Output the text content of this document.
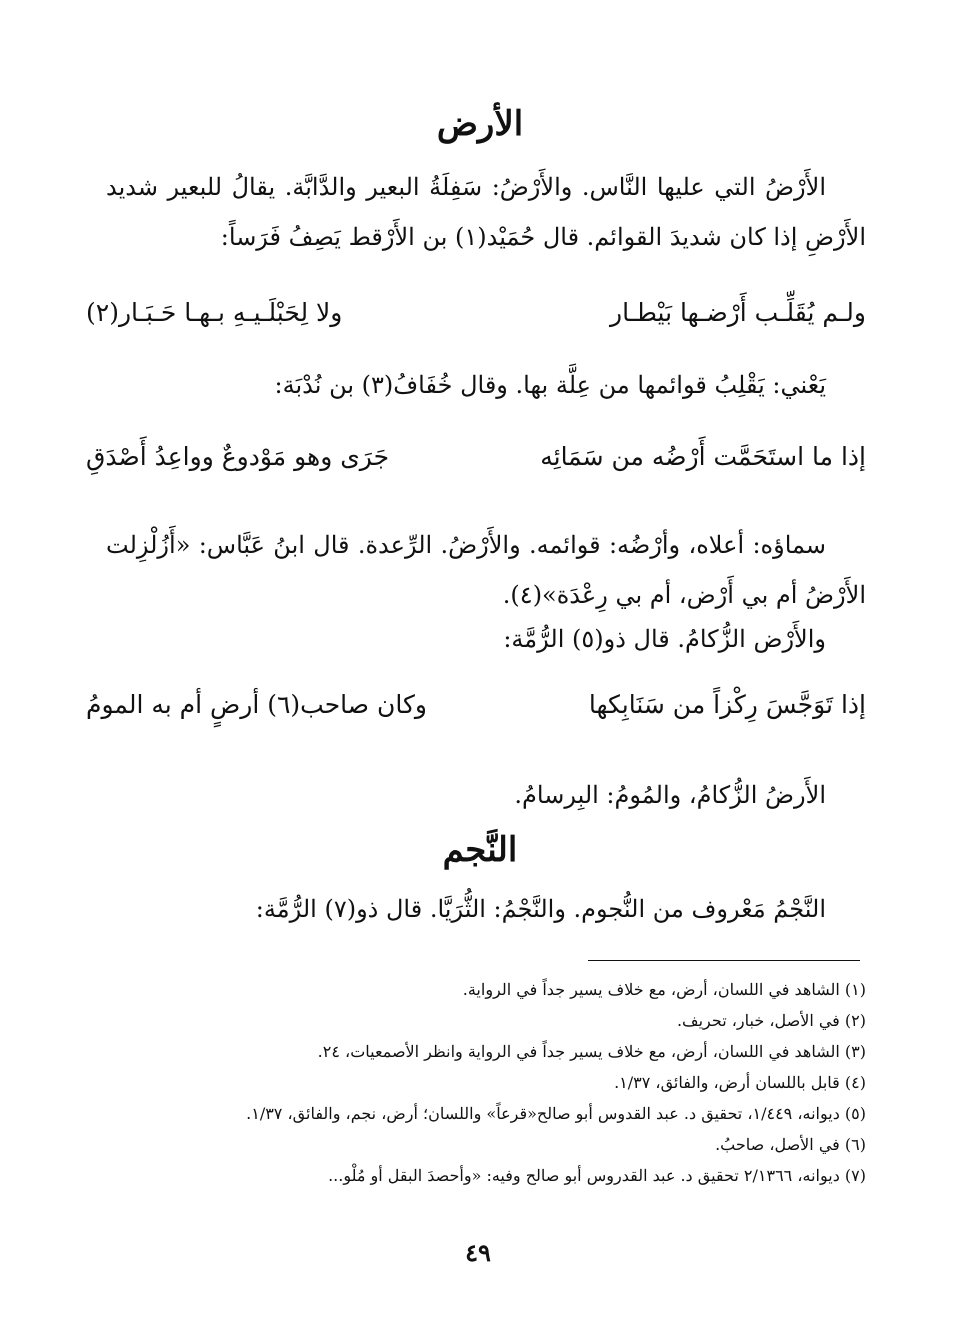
الأرض
الأَرْضُ التي عليها النَّاس. والأَرْضُ: سَفِلَةُ البعير والدَّابَّة. يقالُ للبعير شديد الأَرْضِ إذا كان شديدَ القوائم. قال حُمَيْد(١) بن الأَرْقط يَصِفُ فَرَساً:
ولـم يُقَلِّـب أَرْضـها بَيْطـار
ولا لِحَبْلَـيـهِ بـهـا حَـبَـار(٢)
يَعْني: يَقْلِبُ قوائمها من عِلَّة بها. وقال خُفَافُ(٣) بن نُدْبَة:
إذا ما استَحَمَّت أَرْضُه من سَمَائِه
جَرَى وهو مَوْدوعٌ وواعِدُ أَصْدَقِ
سماؤه: أعلاه، وأرْضُه: قوائمه. والأَرْضُ. الرِّعدة. قال ابنُ عَبَّاس: «أَزُلْزِلت الأَرْضُ أم بي أَرْض، أم بي رِعْدَة»(٤).
والأَرْض الزُّكامُ. قال ذو(٥) الرُّمَّة:
إذا تَوَجَّسَ رِكْزاً من سَنَابِكها
وكان صاحب(٦) أرضٍ أم به المومُ
الأَرضُ الزُّكامُ، والمُومُ: البِرسامُ.
النَّجم
النَّجْمُ مَعْروف من النُّجوم. والنَّجْمُ: الثُّرَيَّا. قال ذو(٧) الرُّمَّة:
(١) الشاهد في اللسان، أرض، مع خلاف يسير جداً في الرواية.
(٢) في الأصل، خبار، تحريف.
(٣) الشاهد في اللسان، أرض، مع خلاف يسير جداً في الرواية وانظر الأصمعيات، ٢٤.
(٤) قابل باللسان أرض، والفائق، ١/٣٧.
(٥) ديوانه، ١/٤٤٩، تحقيق د. عبد القدوس أبو صالح«قرعاً» واللسان؛ أرض، نجم، والفائق، ١/٣٧.
(٦) في الأصل، صاحبُ.
(٧) ديوانه، ٢/١٣٦٦ تحقيق د. عبد القدروس أبو صالح وفيه: «وأحصدَ البقل أو مُلْو...
٤٩
